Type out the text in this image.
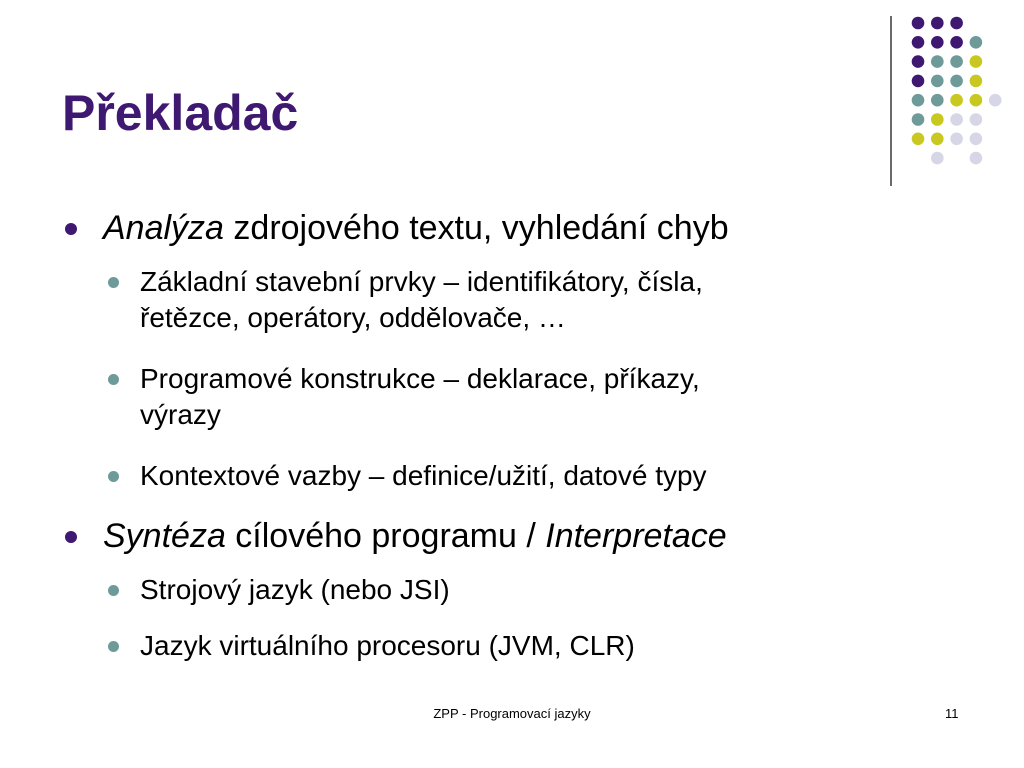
Překladač
Analýza zdrojového textu, vyhledání chyb
Základní stavební prvky – identifikátory, čísla,
řetězce, operátory, oddělovače, …
Programové konstrukce – deklarace, příkazy,
výrazy
Kontextové vazby – definice/užití, datové typy
Syntéza cílového programu / Interpretace
Strojový jazyk (nebo JSI)
Jazyk virtuálního procesoru (JVM, CLR)
ZPP - Programovací jazyky	11
